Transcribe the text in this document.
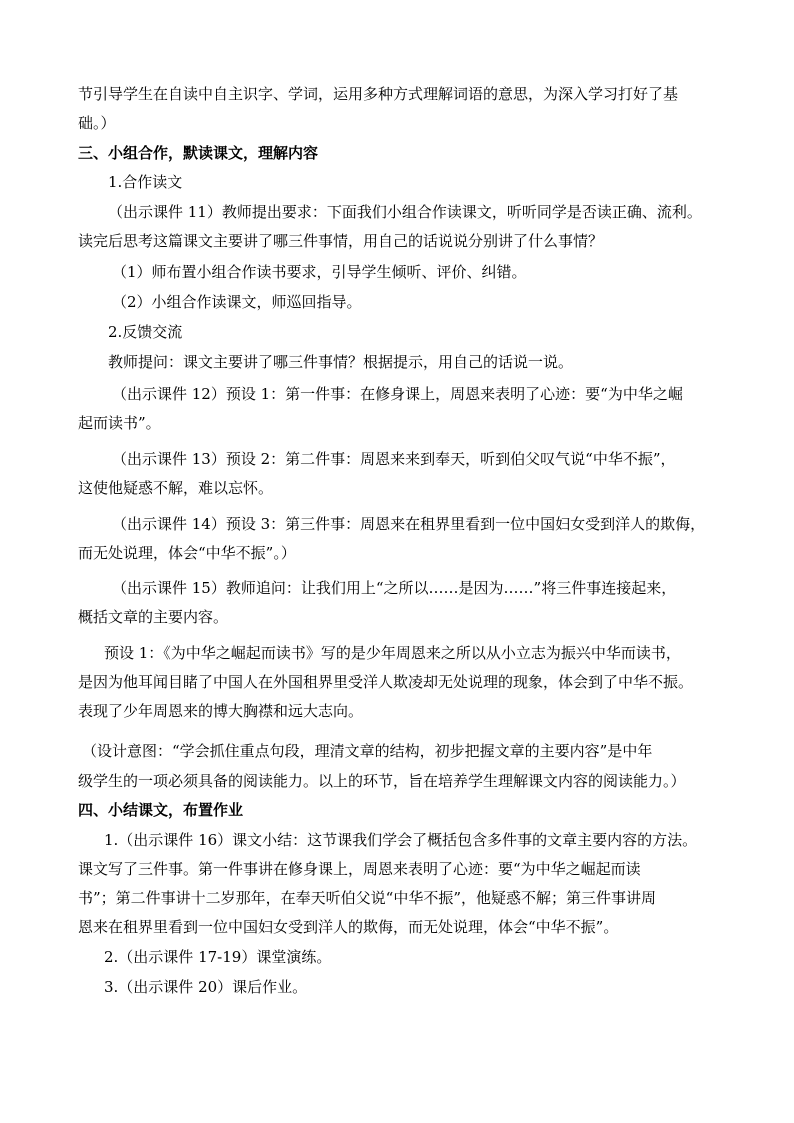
节引导学生在自读中自主识字、学词，运用多种方式理解词语的意思，为深入学习打好了基
础。）
三、小组合作，默读课文，理解内容
1.合作读文
（出示课件 11）教师提出要求：下面我们小组合作读课文，听听同学是否读正确、流利。
读完后思考这篇课文主要讲了哪三件事情，用自己的话说说分别讲了什么事情？
（1）师布置小组合作读书要求，引导学生倾听、评价、纠错。
（2）小组合作读课文，师巡回指导。
2.反馈交流
教师提问：课文主要讲了哪三件事情？根据提示，用自己的话说一说。
（出示课件 12）预设 1：第一件事：在修身课上，周恩来表明了心迹：要“为中华之崛
起而读书”。
（出示课件 13）预设 2：第二件事：周恩来来到奉天，听到伯父叹气说“中华不振”，
这使他疑惑不解，难以忘怀。
（出示课件 14）预设 3：第三件事：周恩来在租界里看到一位中国妇女受到洋人的欺侮，
而无处说理，体会“中华不振”。）
（出示课件 15）教师追问：让我们用上“之所以……是因为……”将三件事连接起来，
概括文章的主要内容。
预设 1：《为中华之崛起而读书》写的是少年周恩来之所以从小立志为振兴中华而读书，
是因为他耳闻目睹了中国人在外国租界里受洋人欺凌却无处说理的现象，体会到了中华不振。
表现了少年周恩来的博大胸襟和远大志向。
（设计意图：“学会抓住重点句段，理清文章的结构，初步把握文章的主要内容”是中年
级学生的一项必须具备的阅读能力。以上的环节，旨在培养学生理解课文内容的阅读能力。）
四、小结课文，布置作业
1.（出示课件 16）课文小结：这节课我们学会了概括包含多件事的文章主要内容的方法。
课文写了三件事。第一件事讲在修身课上，周恩来表明了心迹：要“为中华之崛起而读
书”；第二件事讲十二岁那年，在奉天听伯父说“中华不振”，他疑惑不解；第三件事讲周
恩来在租界里看到一位中国妇女受到洋人的欺侮，而无处说理，体会“中华不振”。
2.（出示课件 17-19）课堂演练。
3.（出示课件 20）课后作业。
